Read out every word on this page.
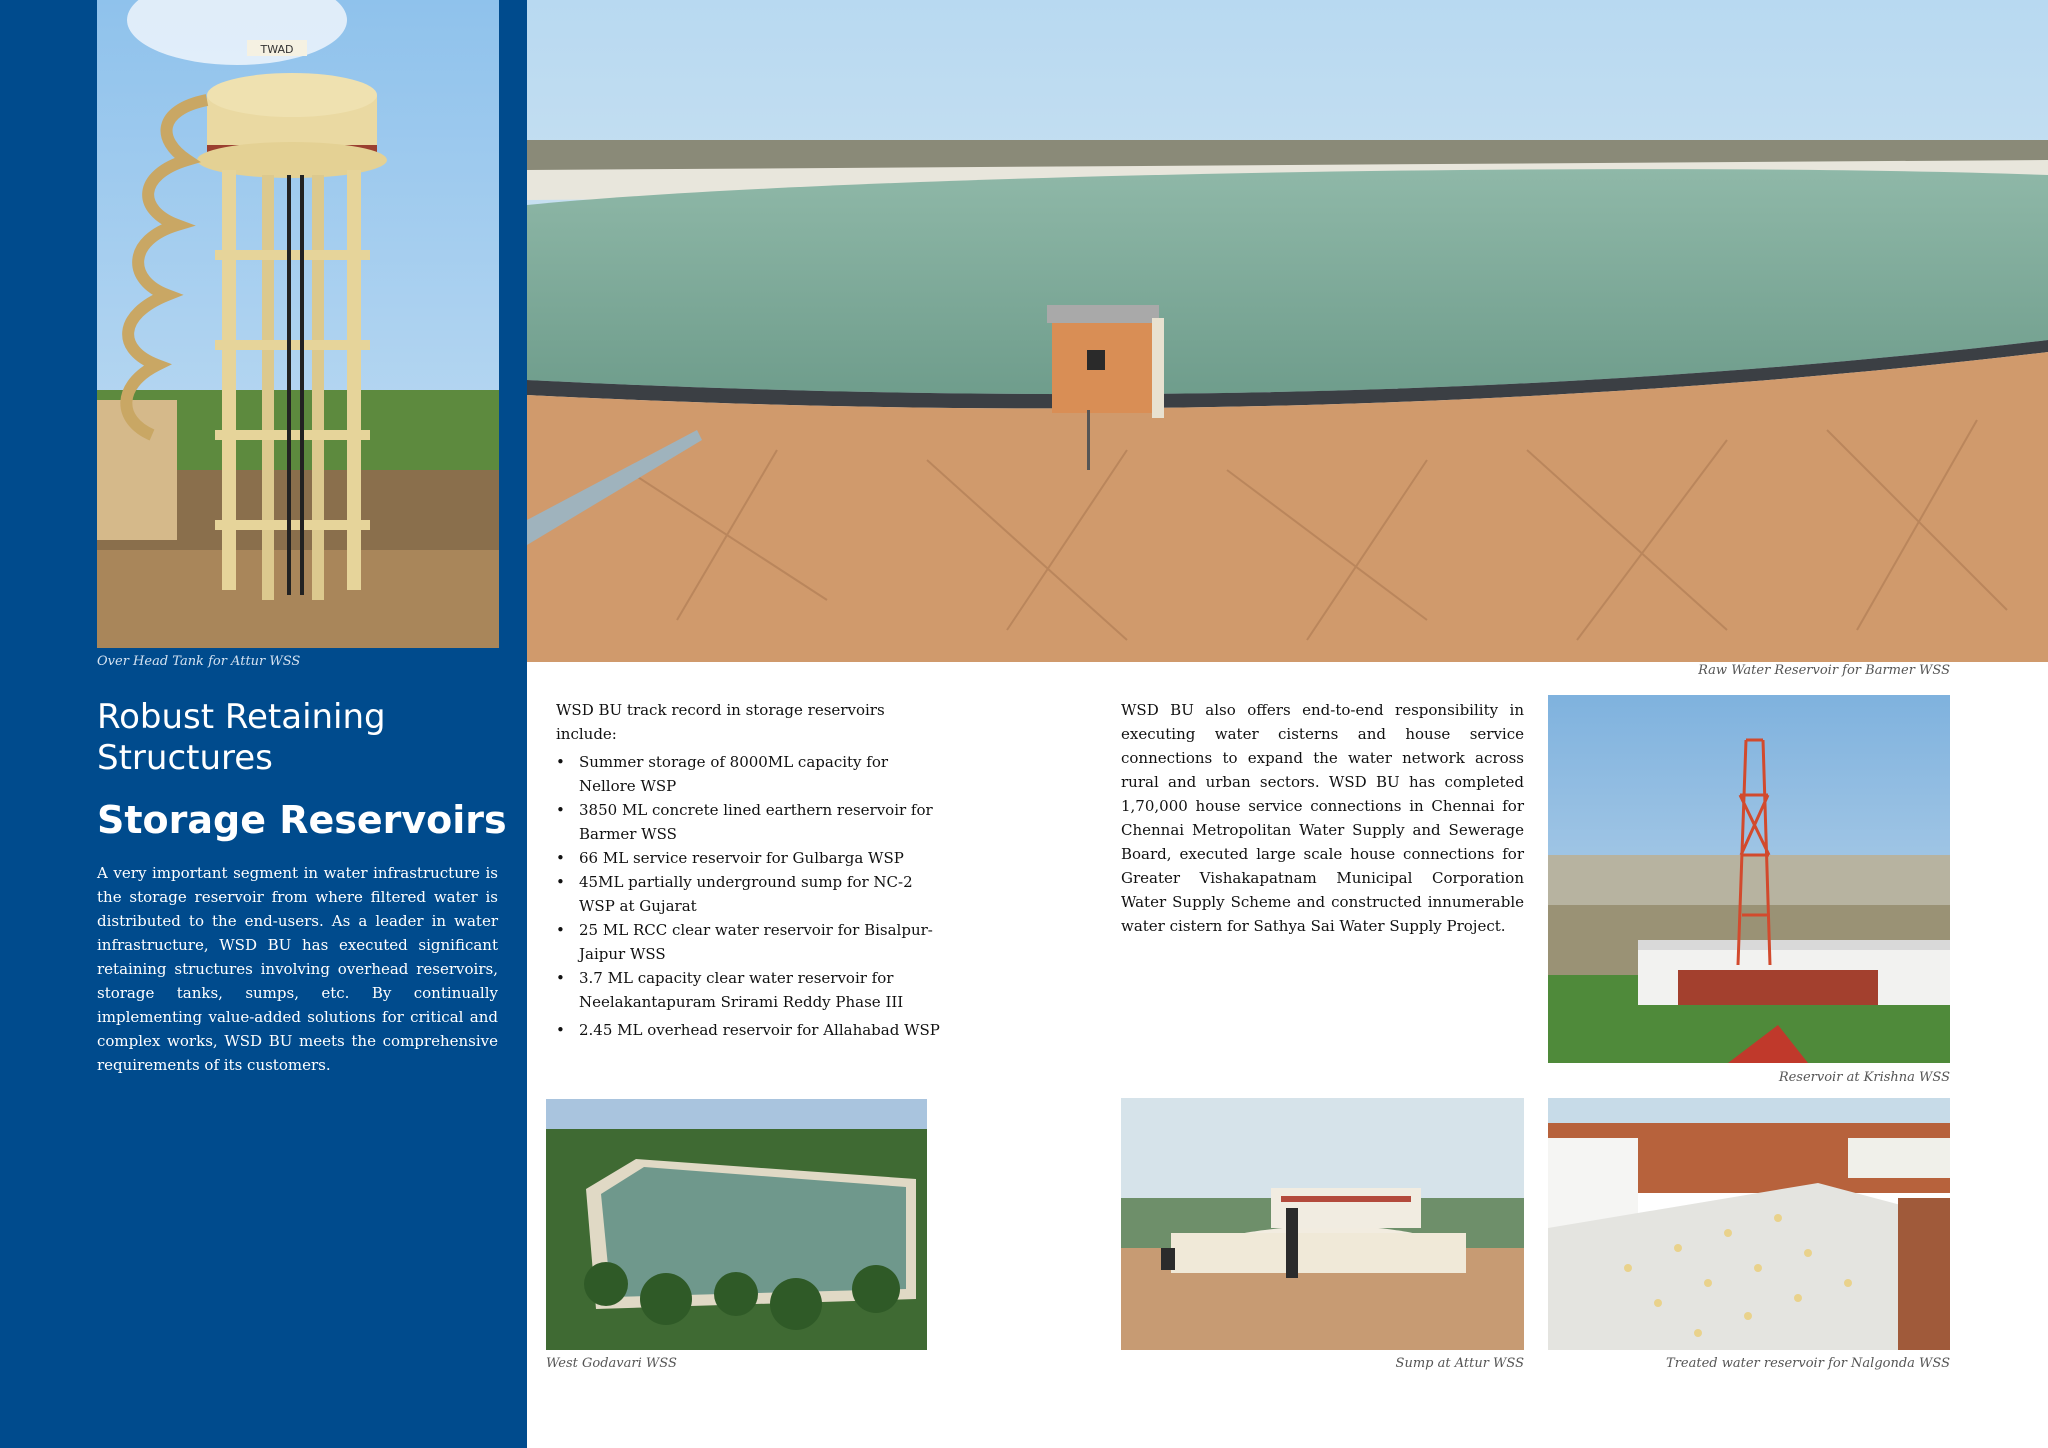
TWAD
Over Head Tank for Attur WSS
Robust Retaining Structures
Storage Reservoirs
A very important segment in water infrastructure is the storage reservoir from where filtered water is distributed to the end-users. As a leader in water infrastructure, WSD BU has executed significant retaining structures involving overhead reservoirs, storage tanks, sumps, etc. By continually implementing value-added solutions for critical and complex works, WSD BU meets the comprehensive requirements of its customers.
Raw Water Reservoir for Barmer WSS
WSD BU track record in storage reservoirs include:
• Summer storage of 8000ML capacity for Nellore WSP
• 3850 ML concrete lined earthern reservoir for Barmer WSS
• 66 ML service reservoir for Gulbarga WSP
• 45ML partially underground sump for NC-2 WSP at Gujarat
• 25 ML RCC clear water reservoir for Bisalpur-Jaipur WSS
• 3.7 ML capacity clear water reservoir for Neelakantapuram Srirami Reddy Phase III
• 2.45 ML overhead reservoir for Allahabad WSP
WSD BU also offers end-to-end responsibility in executing water cisterns and house service connections to expand the water network across rural and urban sectors. WSD BU has completed 1,70,000 house service connections in Chennai for Chennai Metropolitan Water Supply and Sewerage Board, executed large scale house connections for Greater Vishakapatnam Municipal Corporation Water Supply Scheme and constructed innumerable water cistern for Sathya Sai Water Supply Project.
Reservoir at Krishna WSS
West Godavari WSS	Sump at Attur WSS	Treated water reservoir for Nalgonda WSS
